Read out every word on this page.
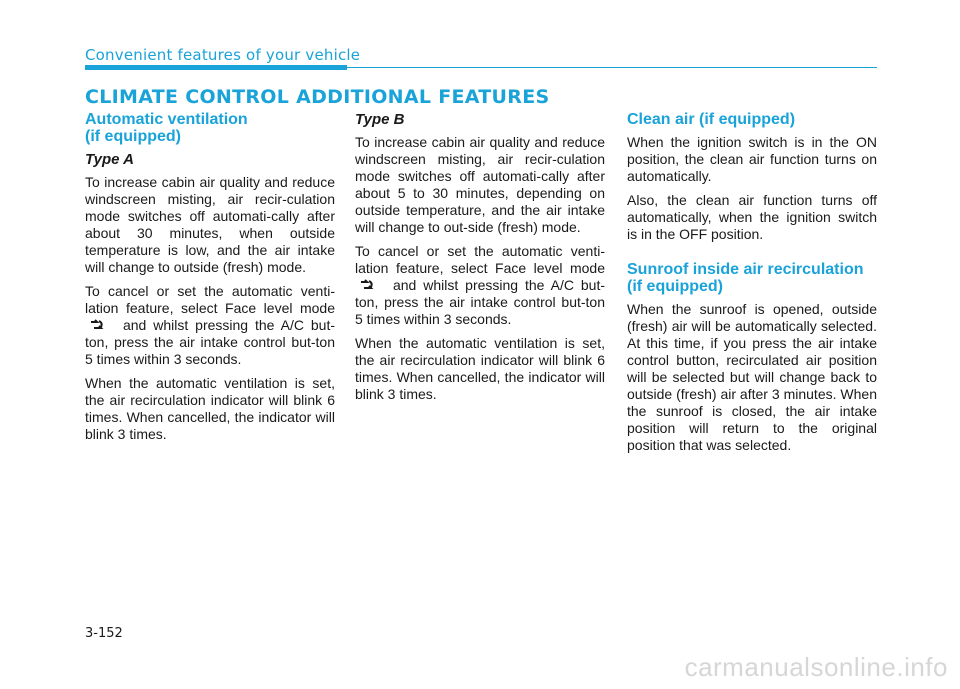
Convenient features of your vehicle
CLIMATE CONTROL ADDITIONAL FEATURES
Automatic ventilation
(if equipped)
Type A

To increase cabin air quality and reduce windscreen misting, air recir-culation mode switches off automati-cally after about 30 minutes, when outside temperature is low, and the air intake will change to outside (fresh) mode.

To cancel or set the automatic venti-lation feature, select Face level mode  and whilst pressing the A/C but-ton, press the air intake control but-ton 5 times within 3 seconds.

When the automatic ventilation is set, the air recirculation indicator will blink 6 times. When cancelled, the indicator will blink 3 times.

Type B

To increase cabin air quality and reduce windscreen misting, air recir-culation mode switches off automati-cally after about 5 to 30 minutes, depending on outside temperature, and the air intake will change to out-side (fresh) mode.

To cancel or set the automatic venti-lation feature, select Face level mode  and whilst pressing the A/C but-ton, press the air intake control but-ton 5 times within 3 seconds.

When the automatic ventilation is set, the air recirculation indicator will blink 6 times. When cancelled, the indicator will blink 3 times.

Clean air (if equipped)

When the ignition switch is in the ON position, the clean air function turns on automatically.

Also, the clean air function turns off automatically, when the ignition switch is in the OFF position.

Sunroof inside air recirculation
(if equipped)

When the sunroof is opened, outside (fresh) air will be automatically selected. At this time, if you press the air intake control button, recirculated air position will be selected but will change back to outside (fresh) air after 3 minutes. When the sunroof is closed, the air intake position will return to the original position that was selected.

3-152
carmanualsonline.info
